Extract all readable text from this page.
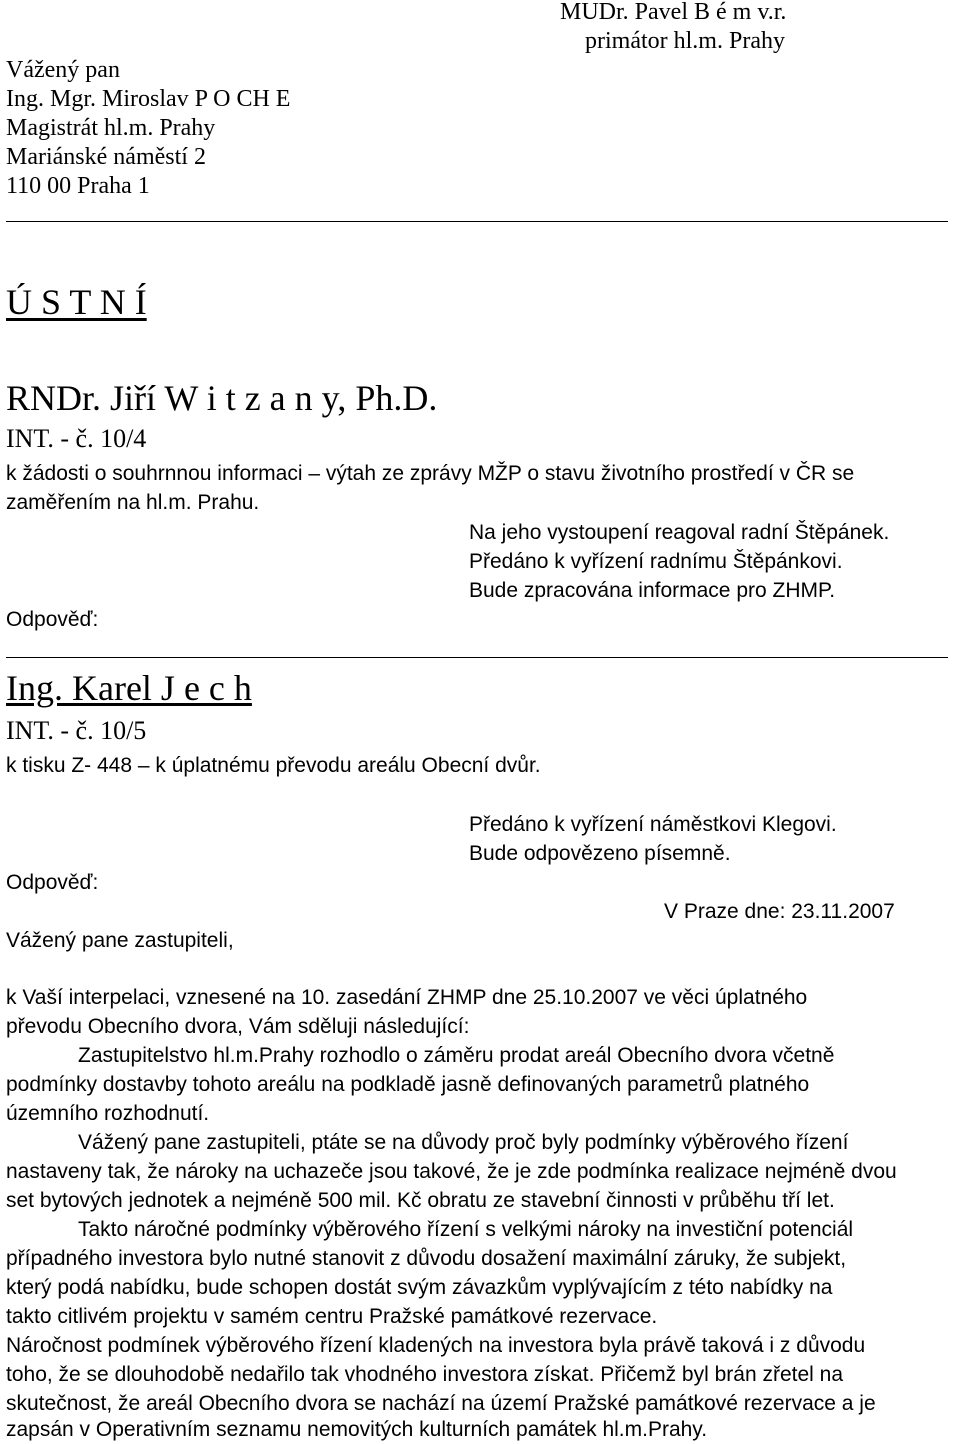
MUDr. Pavel B é m v.r.
primátor hl.m. Prahy
Vážený pan
Ing. Mgr. Miroslav P O CH E
Magistrát hl.m. Prahy
Mariánské náměstí 2
110 00 Praha 1
Ú S T N Í
RNDr. Jiří W i t z a n y, Ph.D.
INT. - č. 10/4
k žádosti o souhrnnou informaci – výtah ze zprávy MŽP o stavu životního prostředí v ČR se
zaměřením na hl.m. Prahu.
Na jeho vystoupení reagoval radní Štěpánek.
Předáno k vyřízení radnímu Štěpánkovi.
Bude zpracována informace pro ZHMP.
Odpověď:
Ing. Karel J e c h
INT. - č. 10/5
k tisku Z- 448 – k úplatnému převodu areálu Obecní dvůr.
Předáno k vyřízení náměstkovi Klegovi.
Bude odpovězeno písemně.
Odpověď:
V Praze dne: 23.11.2007
Vážený pane zastupiteli,
k Vaší interpelaci, vznesené na 10. zasedání ZHMP dne 25.10.2007 ve věci úplatného
převodu Obecního dvora, Vám sděluji následující:
Zastupitelstvo hl.m.Prahy rozhodlo o záměru prodat areál Obecního dvora včetně
podmínky dostavby tohoto areálu na podkladě jasně definovaných parametrů platného
územního rozhodnutí.
Vážený pane zastupiteli, ptáte se na důvody proč byly podmínky výběrového řízení
nastaveny tak, že nároky na uchazeče jsou takové, že je zde podmínka realizace nejméně dvou
set bytových jednotek a nejméně 500 mil. Kč obratu ze stavební činnosti v průběhu tří let.
Takto náročné podmínky výběrového řízení s velkými nároky na investiční potenciál
případného investora bylo nutné stanovit z důvodu dosažení maximální záruky, že subjekt,
který podá nabídku, bude schopen dostát svým závazkům vyplývajícím z této nabídky na
takto citlivém projektu v samém centru Pražské památkové rezervace.
Náročnost podmínek výběrového řízení kladených na investora byla právě taková i z důvodu
toho, že se dlouhodobě nedařilo tak vhodného investora získat. Přičemž byl brán zřetel na
skutečnost, že areál Obecního dvora se nachází na území Pražské památkové rezervace a je
zapsán v Operativním seznamu nemovitých kulturních památek hl.m.Prahy.
